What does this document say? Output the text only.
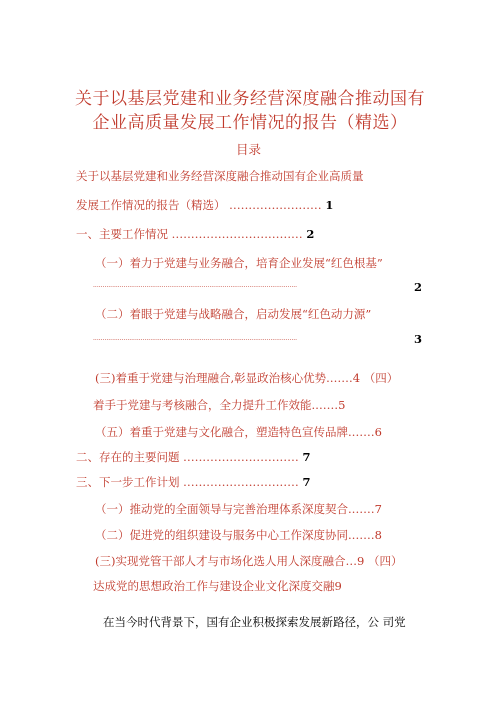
关于以基层党建和业务经营深度融合推动国有
企业高质量发展工作情况的报告（精选）
目录
关于以基层党建和业务经营深度融合推动国有企业高质量
发展工作情况的报告（精选） ........................ 1
一、主要工作情况 .................................. 2
（一）着力于党建与业务融合，培育企业发展“红色根基”
...........................................................................................................	2
（二）着眼于党建与战略融合，启动发展“红色动力源”
...........................................................................................................	3
(三)着重于党建与治理融合,彰显政治核心优势.……4 （四）
着手于党建与考核融合，全力提升工作效能.……5
（五）着重于党建与文化融合，塑造特色宣传品牌.……6
二、存在的主要问题 .............................. 7
三、下一步工作计划 .............................. 7
（一）推动党的全面领导与完善治理体系深度契合.……7
（二）促进党的组织建设与服务中心工作深度协同.……8
(三)实现党管干部人才与市场化选人用人深度融合…9 （四）
达成党的思想政治工作与建设企业文化深度交融9
在当今时代背景下，国有企业积极探索发展新路径，公 司党
